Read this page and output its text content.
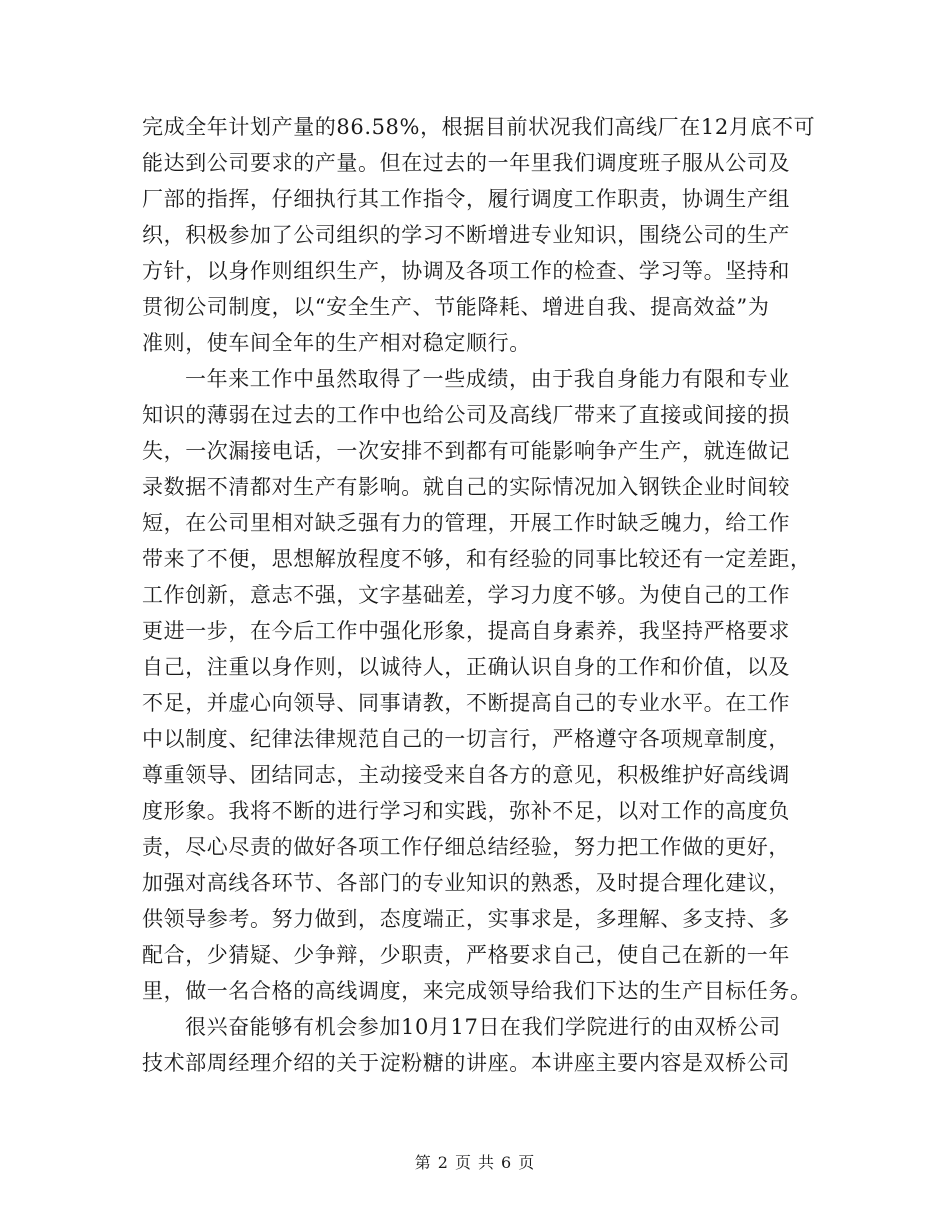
完成全年计划产量的86.58%，根据目前状况我们高线厂在12月底不可
能达到公司要求的产量。但在过去的一年里我们调度班子服从公司及
厂部的指挥，仔细执行其工作指令，履行调度工作职责，协调生产组
织，积极参加了公司组织的学习不断增进专业知识，围绕公司的生产
方针，以身作则组织生产，协调及各项工作的检查、学习等。坚持和
贯彻公司制度，以“安全生产、节能降耗、增进自我、提高效益”为
准则，使车间全年的生产相对稳定顺行。
一年来工作中虽然取得了一些成绩，由于我自身能力有限和专业
知识的薄弱在过去的工作中也给公司及高线厂带来了直接或间接的损
失，一次漏接电话，一次安排不到都有可能影响争产生产，就连做记
录数据不清都对生产有影响。就自己的实际情况加入钢铁企业时间较
短，在公司里相对缺乏强有力的管理，开展工作时缺乏魄力，给工作
带来了不便，思想解放程度不够，和有经验的同事比较还有一定差距，
工作创新，意志不强，文字基础差，学习力度不够。为使自己的工作
更进一步，在今后工作中强化形象，提高自身素养，我坚持严格要求
自己，注重以身作则，以诚待人，正确认识自身的工作和价值，以及
不足，并虚心向领导、同事请教，不断提高自己的专业水平。在工作
中以制度、纪律法律规范自己的一切言行，严格遵守各项规章制度，
尊重领导、团结同志，主动接受来自各方的意见，积极维护好高线调
度形象。我将不断的进行学习和实践，弥补不足，以对工作的高度负
责，尽心尽责的做好各项工作仔细总结经验，努力把工作做的更好，
加强对高线各环节、各部门的专业知识的熟悉，及时提合理化建议，
供领导参考。努力做到，态度端正，实事求是，多理解、多支持、多
配合，少猜疑、少争辩，少职责，严格要求自己，使自己在新的一年
里，做一名合格的高线调度，来完成领导给我们下达的生产目标任务。
很兴奋能够有机会参加10月17日在我们学院进行的由双桥公司
技术部周经理介绍的关于淀粉糖的讲座。本讲座主要内容是双桥公司
第 2 页 共 6 页
